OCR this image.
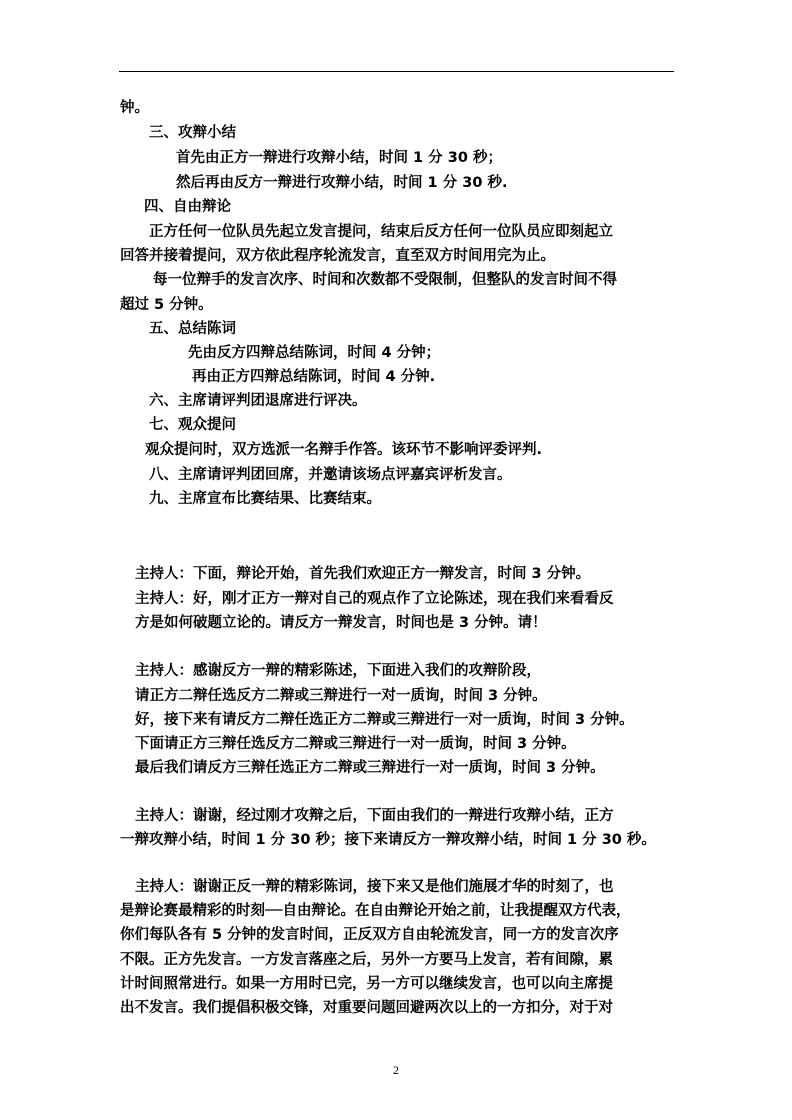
钟。
三、攻辩小结
首先由正方一辩进行攻辩小结，时间 1 分 30 秒；
然后再由反方一辩进行攻辩小结，时间 1 分 30 秒.
四、自由辩论
正方任何一位队员先起立发言提问，结束后反方任何一位队员应即刻起立
回答并接着提问，双方依此程序轮流发言，直至双方时间用完为止。
每一位辩手的发言次序、时间和次数都不受限制，但整队的发言时间不得
超过 5 分钟。
五、总结陈词
先由反方四辩总结陈词，时间 4 分钟；
再由正方四辩总结陈词，时间 4 分钟.
六、主席请评判团退席进行评决。
七、观众提问
观众提问时，双方选派一名辩手作答。该环节不影响评委评判.
八、主席请评判团回席，并邀请该场点评嘉宾评析发言。
九、主席宣布比赛结果、比赛结束。
主持人：下面，辩论开始，首先我们欢迎正方一辩发言，时间 3 分钟。
主持人：好，刚才正方一辩对自己的观点作了立论陈述，现在我们来看看反
方是如何破题立论的。请反方一辩发言，时间也是 3 分钟。请！
主持人：感谢反方一辩的精彩陈述，下面进入我们的攻辩阶段，
请正方二辩任选反方二辩或三辩进行一对一质询，时间 3 分钟。
好，接下来有请反方二辩任选正方二辩或三辩进行一对一质询，时间 3 分钟。
下面请正方三辩任选反方二辩或三辩进行一对一质询，时间 3 分钟。
最后我们请反方三辩任选正方二辩或三辩进行一对一质询，时间 3 分钟。
主持人：谢谢，经过刚才攻辩之后，下面由我们的一辩进行攻辩小结，正方
一辩攻辩小结，时间 1 分 30 秒；接下来请反方一辩攻辩小结，时间 1 分 30 秒。
主持人：谢谢正反一辩的精彩陈词，接下来又是他们施展才华的时刻了，也
是辩论赛最精彩的时刻──自由辩论。在自由辩论开始之前，让我提醒双方代表，
你们每队各有 5 分钟的发言时间，正反双方自由轮流发言，同一方的发言次序
不限。正方先发言。一方发言落座之后，另外一方要马上发言，若有间隙，累
计时间照常进行。如果一方用时已完，另一方可以继续发言，也可以向主席提
出不发言。我们提倡积极交锋，对重要问题回避两次以上的一方扣分，对于对
2
